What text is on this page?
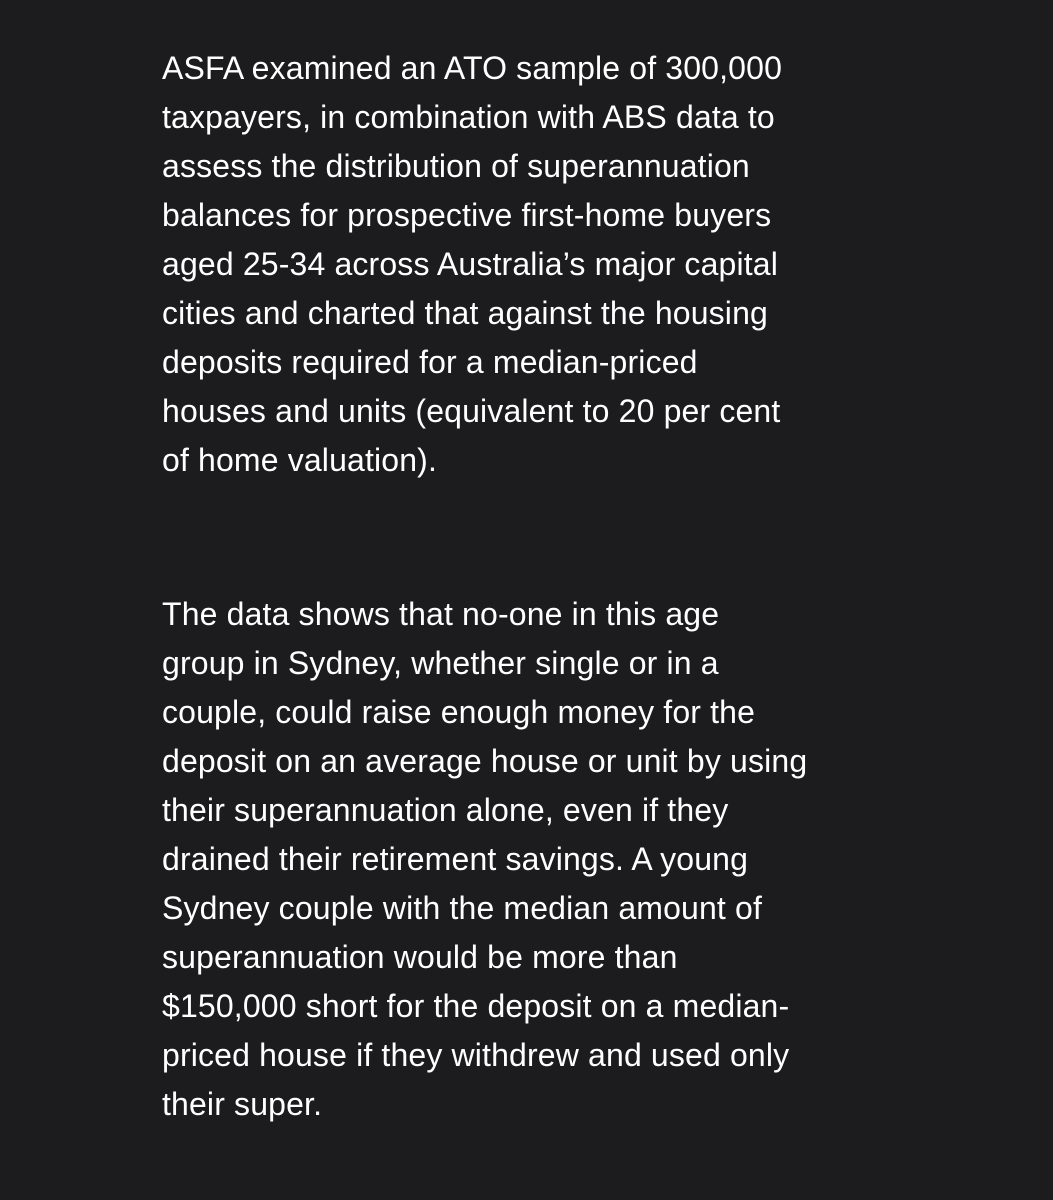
ASFA examined an ATO sample of 300,000
taxpayers, in combination with ABS data to
assess the distribution of superannuation
balances for prospective first-home buyers
aged 25-34 across Australia’s major capital
cities and charted that against the housing
deposits required for a median-priced
houses and units (equivalent to 20 per cent
of home valuation).

The data shows that no-one in this age
group in Sydney, whether single or in a
couple, could raise enough money for the
deposit on an average house or unit by using
their superannuation alone, even if they
drained their retirement savings. A young
Sydney couple with the median amount of
superannuation would be more than
$150,000 short for the deposit on a median-
priced house if they withdrew and used only
their super.
